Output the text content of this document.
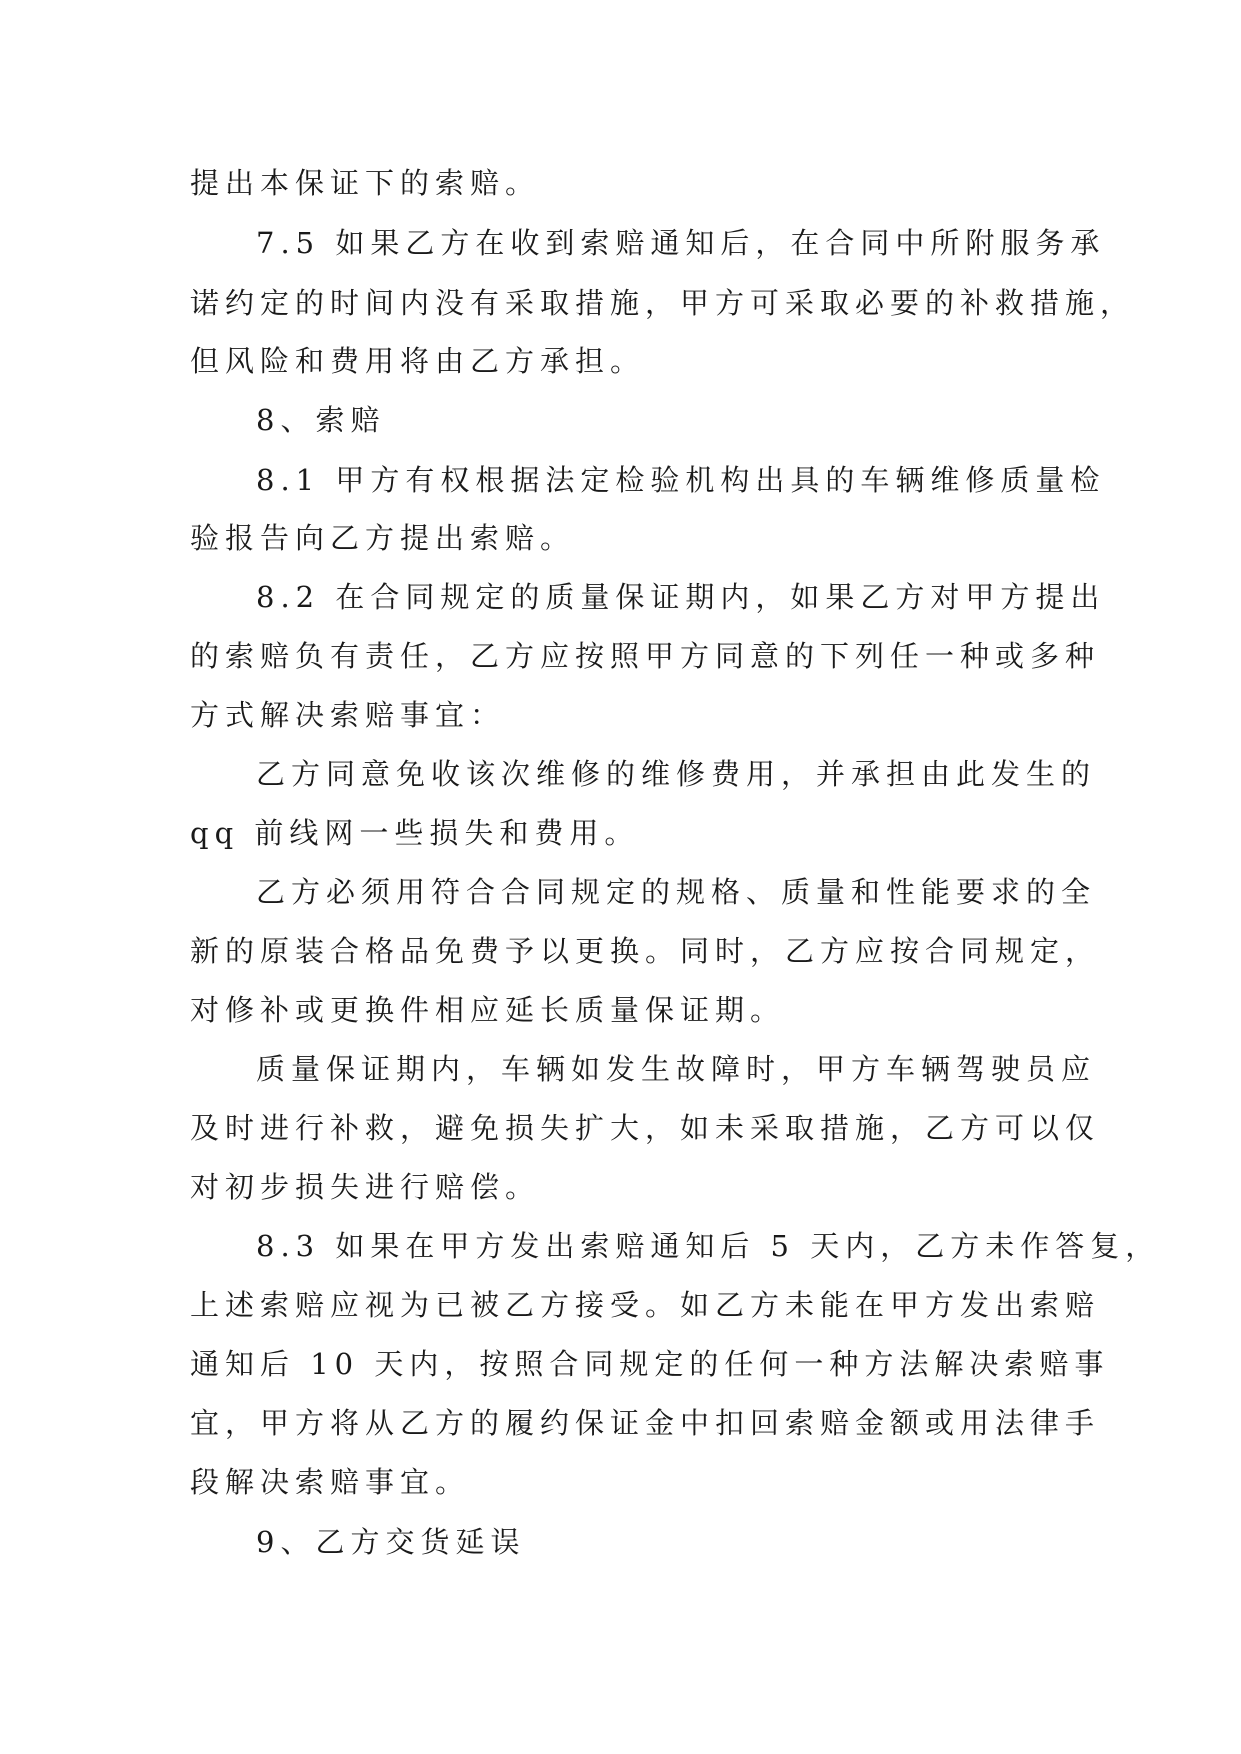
提出本保证下的索赔。

7.5 如果乙方在收到索赔通知后，在合同中所附服务承

诺约定的时间内没有采取措施，甲方可采取必要的补救措施，

但风险和费用将由乙方承担。

8、索赔

8.1 甲方有权根据法定检验机构出具的车辆维修质量检

验报告向乙方提出索赔。

8.2 在合同规定的质量保证期内，如果乙方对甲方提出

的索赔负有责任，乙方应按照甲方同意的下列任一种或多种

方式解决索赔事宜：

乙方同意免收该次维修的维修费用，并承担由此发生的

qq 前线网一些损失和费用。

乙方必须用符合合同规定的规格、质量和性能要求的全

新的原装合格品免费予以更换。同时，乙方应按合同规定，

对修补或更换件相应延长质量保证期。

质量保证期内，车辆如发生故障时，甲方车辆驾驶员应

及时进行补救，避免损失扩大，如未采取措施，乙方可以仅

对初步损失进行赔偿。

8.3 如果在甲方发出索赔通知后 5 天内，乙方未作答复，

上述索赔应视为已被乙方接受。如乙方未能在甲方发出索赔

通知后 10 天内，按照合同规定的任何一种方法解决索赔事

宜，甲方将从乙方的履约保证金中扣回索赔金额或用法律手

段解决索赔事宜。

9、乙方交货延误
